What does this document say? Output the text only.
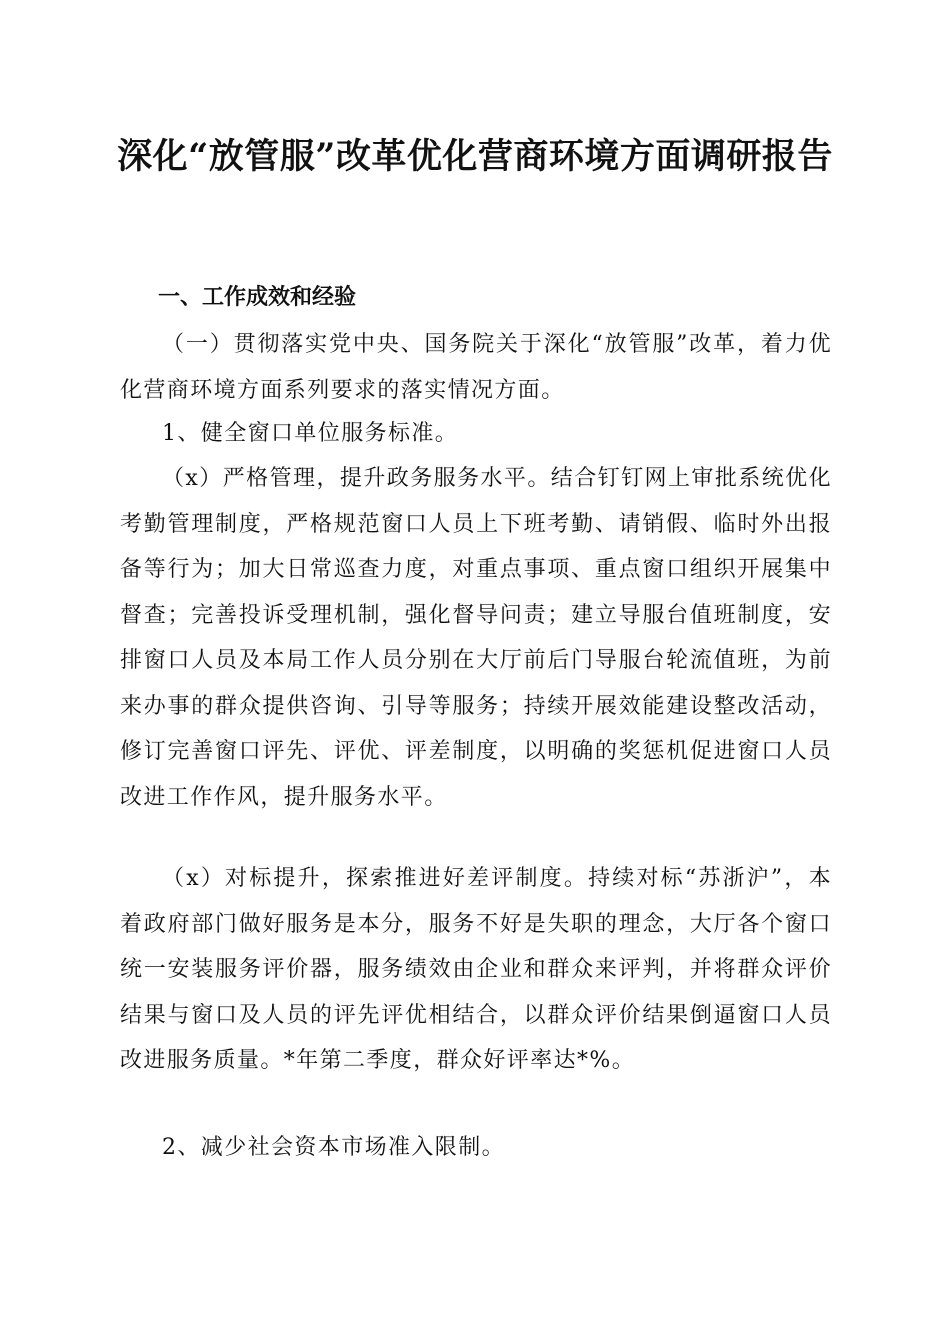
深化“放管服”改革优化营商环境方面调研报告
一、工作成效和经验

（一）贯彻落实党中央、国务院关于深化“放管服”改革，着力优化营商环境方面系列要求的落实情况方面。

1、健全窗口单位服务标准。

（x）严格管理，提升政务服务水平。结合钉钉网上审批系统优化考勤管理制度，严格规范窗口人员上下班考勤、请销假、临时外出报备等行为；加大日常巡查力度，对重点事项、重点窗口组织开展集中督查；完善投诉受理机制，强化督导问责；建立导服台值班制度，安排窗口人员及本局工作人员分别在大厅前后门导服台轮流值班，为前来办事的群众提供咨询、引导等服务；持续开展效能建设整改活动，修订完善窗口评先、评优、评差制度，以明确的奖惩机促进窗口人员改进工作作风，提升服务水平。

（x）对标提升，探索推进好差评制度。持续对标“苏浙沪”，本着政府部门做好服务是本分，服务不好是失职的理念，大厅各个窗口统一安装服务评价器，服务绩效由企业和群众来评判，并将群众评价结果与窗口及人员的评先评优相结合，以群众评价结果倒逼窗口人员改进服务质量。*年第二季度，群众好评率达*%。

2、减少社会资本市场准入限制。
